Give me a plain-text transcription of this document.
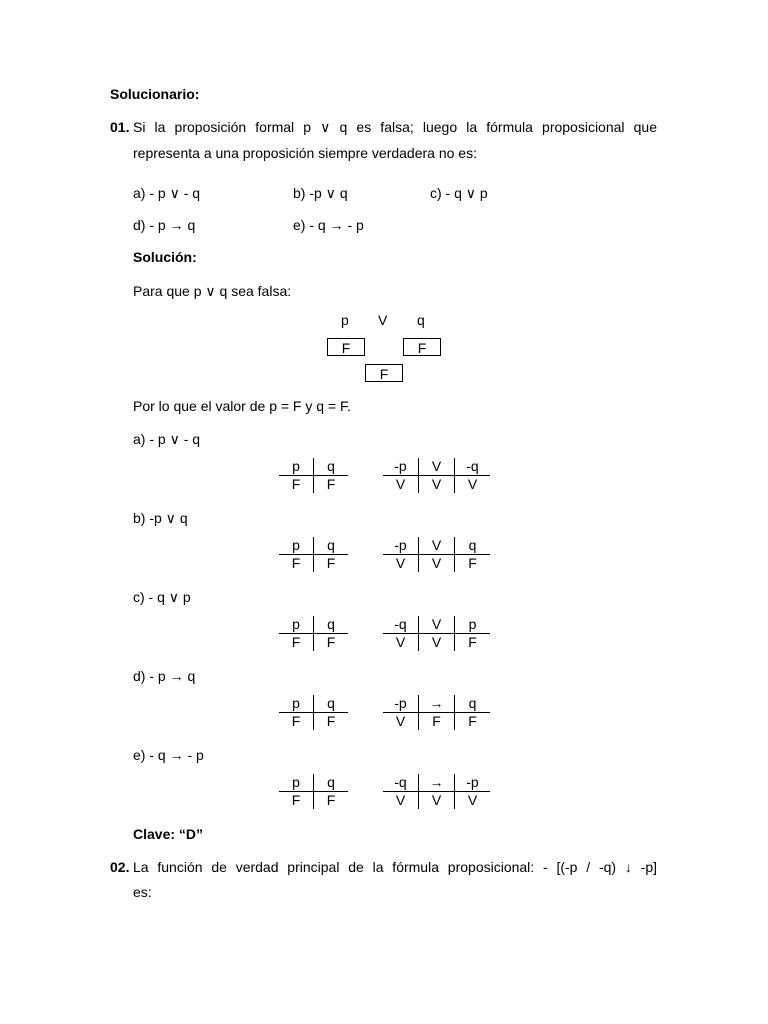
Solucionario:
01. Si la proposición formal p ∨ q es falsa; luego la fórmula proposicional que
representa a una proposición siempre verdadera no es:
a) - p ∨ - q	b) -p ∨ q	c) - q ∨ p
d) - p → q	e) - q → - p
Solución:
Para que p ∨ q sea falsa:
p V q
F	F
F
Por lo que el valor de p = F y q = F.
a) - p ∨ - q
p	q
F	F
-p	V	-q
V	V	V
b) -p ∨ q
p	q
F	F
-p	V	q
V	V	F
c) - q ∨ p
p	q
F	F
-q	V	p
V	V	F
d) - p → q
p	q
F	F
-p	→	q
V	F	F
e) - q → - p
p	q
F	F
-q	→	-p
V	V	V
Clave: “D”
02. La función de verdad principal de la fórmula proposicional: - [(-p / -q) ↓ -p]
es:
